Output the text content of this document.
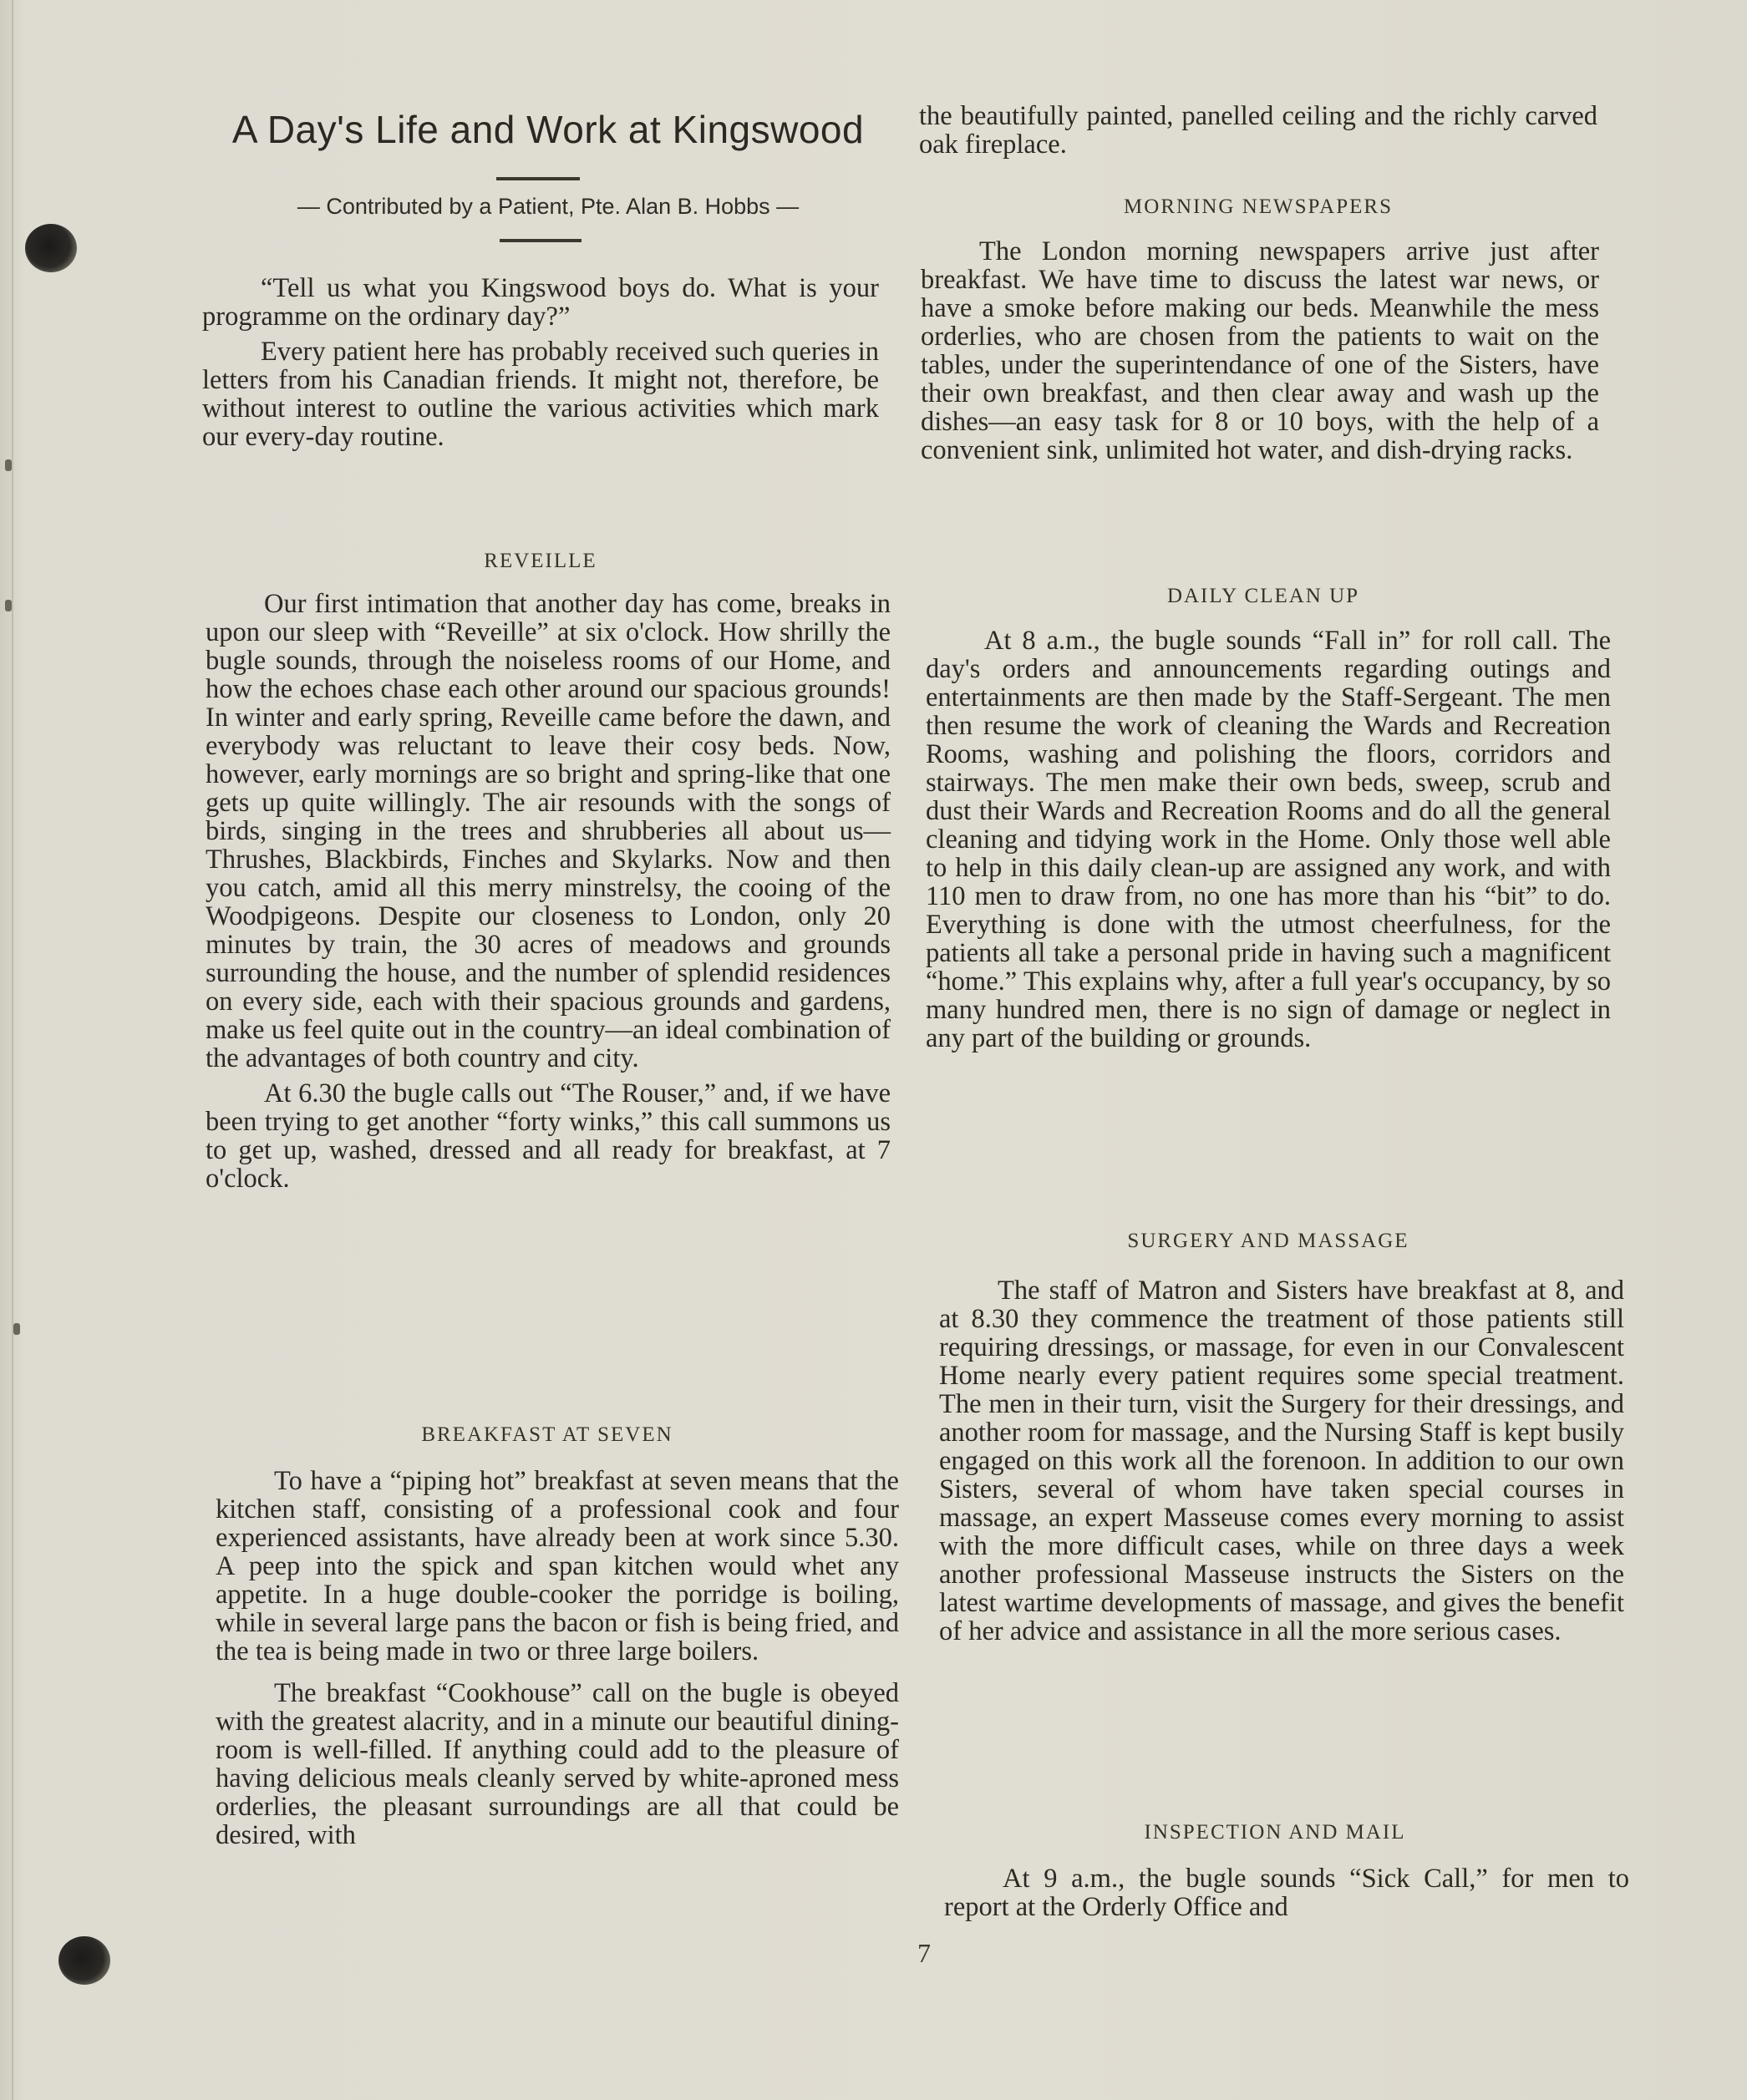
A Day's Life and Work at Kingswood
— Contributed by a Patient, Pte. Alan B. Hobbs —

“Tell us what you Kingswood boys do. What is your programme on the ordinary day?”

Every patient here has probably received such queries in letters from his Canadian friends. It might not, therefore, be without interest to outline the various activities which mark our every-day routine.

REVEILLE

Our first intimation that another day has come, breaks in upon our sleep with “Reveille” at six o'clock. How shrilly the bugle sounds, through the noiseless rooms of our Home, and how the echoes chase each other around our spacious grounds! In winter and early spring, Reveille came before the dawn, and everybody was reluctant to leave their cosy beds. Now, however, early mornings are so bright and spring-like that one gets up quite willingly. The air resounds with the songs of birds, singing in the trees and shrubberies all about us—Thrushes, Blackbirds, Finches and Skylarks. Now and then you catch, amid all this merry minstrelsy, the cooing of the Woodpigeons. Despite our closeness to London, only 20 minutes by train, the 30 acres of meadows and grounds surrounding the house, and the number of splendid residences on every side, each with their spacious grounds and gardens, make us feel quite out in the country—an ideal combination of the advantages of both country and city.

At 6.30 the bugle calls out “The Rouser,” and, if we have been trying to get another “forty winks,” this call summons us to get up, washed, dressed and all ready for breakfast, at 7 o'clock.

BREAKFAST AT SEVEN

To have a “piping hot” breakfast at seven means that the kitchen staff, consisting of a professional cook and four experienced assistants, have already been at work since 5.30. A peep into the spick and span kitchen would whet any appetite. In a huge double-cooker the porridge is boiling, while in several large pans the bacon or fish is being fried, and the tea is being made in two or three large boilers.

The breakfast “Cookhouse” call on the bugle is obeyed with the greatest alacrity, and in a minute our beautiful dining-room is well-filled. If anything could add to the pleasure of having delicious meals cleanly served by white-aproned mess orderlies, the pleasant surroundings are all that could be desired, with

the beautifully painted, panelled ceiling and the richly carved oak fireplace.

MORNING NEWSPAPERS

The London morning newspapers arrive just after breakfast. We have time to discuss the latest war news, or have a smoke before making our beds. Meanwhile the mess orderlies, who are chosen from the patients to wait on the tables, under the superintendance of one of the Sisters, have their own breakfast, and then clear away and wash up the dishes—an easy task for 8 or 10 boys, with the help of a convenient sink, unlimited hot water, and dish-drying racks.

DAILY CLEAN UP

At 8 a.m., the bugle sounds “Fall in” for roll call. The day's orders and announcements regarding outings and entertainments are then made by the Staff-Sergeant. The men then resume the work of cleaning the Wards and Recreation Rooms, washing and polishing the floors, corridors and stairways. The men make their own beds, sweep, scrub and dust their Wards and Recreation Rooms and do all the general cleaning and tidying work in the Home. Only those well able to help in this daily clean-up are assigned any work, and with 110 men to draw from, no one has more than his “bit” to do. Everything is done with the utmost cheerfulness, for the patients all take a personal pride in having such a magnificent “home.” This explains why, after a full year's occupancy, by so many hundred men, there is no sign of damage or neglect in any part of the building or grounds.

SURGERY AND MASSAGE

The staff of Matron and Sisters have breakfast at 8, and at 8.30 they commence the treatment of those patients still requiring dressings, or massage, for even in our Convalescent Home nearly every patient requires some special treatment. The men in their turn, visit the Surgery for their dressings, and another room for massage, and the Nursing Staff is kept busily engaged on this work all the forenoon. In addition to our own Sisters, several of whom have taken special courses in massage, an expert Masseuse comes every morning to assist with the more difficult cases, while on three days a week another professional Masseuse instructs the Sisters on the latest wartime developments of massage, and gives the benefit of her advice and assistance in all the more serious cases.

INSPECTION AND MAIL

At 9 a.m., the bugle sounds “Sick Call,” for men to report at the Orderly Office and

7
